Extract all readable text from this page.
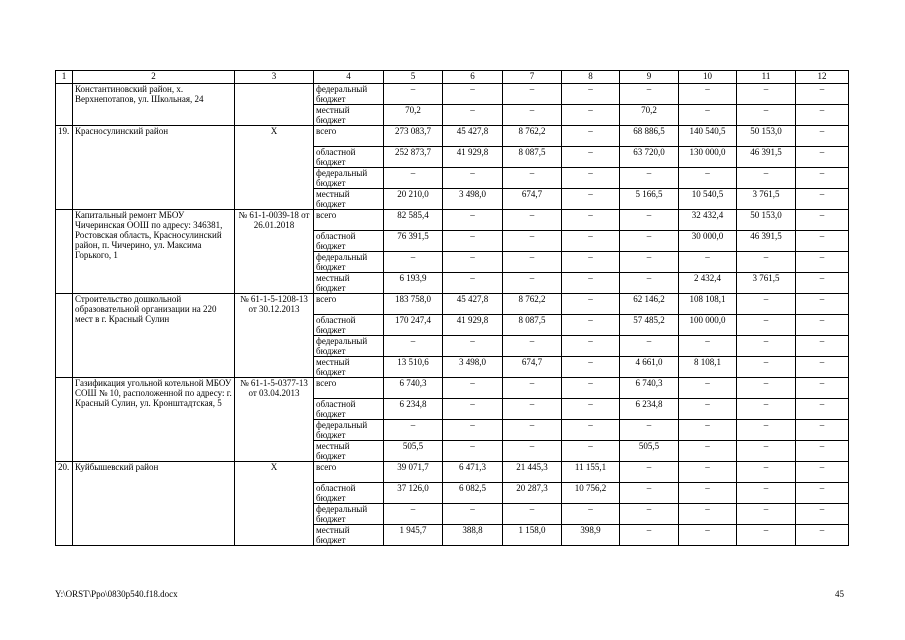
1	2	3	4	5	6	7	8	9	10	11	12
	Константиновский район, х. Верхнепотапов, ул. Школьная, 24		федеральный бюджет	–	–	–	–	–	–	–	–
			местный бюджет	70,2	–	–	–	70,2	–	–	–
19.	Красносулинский район	Х	всего	273 083,7	45 427,8	8 762,2	–	68 886,5	140 540,5	50 153,0	–
			областной бюджет	252 873,7	41 929,8	8 087,5	–	63 720,0	130 000,0	46 391,5	–
			федеральный бюджет	–	–	–	–	–	–	–	–
			местный бюджет	20 210,0	3 498,0	674,7	–	5 166,5	10 540,5	3 761,5	–
	Капитальный ремонт МБОУ Чичеринская ООШ по адресу: 346381, Ростовская область, Красносулинский район, п. Чичерино, ул. Максима Горького, 1	№ 61-1-0039-18 от 26.01.2018	всего	82 585,4	–	–	–	–	32 432,4	50 153,0	–
			областной бюджет	76 391,5	–	–	–	–	30 000,0	46 391,5	–
			федеральный бюджет	–	–	–	–	–	–	–	–
			местный бюджет	6 193,9	–	–	–	–	2 432,4	3 761,5	–
	Строительство дошкольной образовательной организации на 220 мест в г. Красный Сулин	№ 61-1-5-1208-13 от 30.12.2013	всего	183 758,0	45 427,8	8 762,2	–	62 146,2	108 108,1	–	–
			областной бюджет	170 247,4	41 929,8	8 087,5	–	57 485,2	100 000,0	–	–
			федеральный бюджет	–	–	–	–	–	–	–	–
			местный бюджет	13 510,6	3 498,0	674,7	–	4 661,0	8 108,1	–	–
	Газификация угольной котельной МБОУ СОШ № 10, расположенной по адресу: г. Красный Сулин, ул. Кронштадтская, 5	№ 61-1-5-0377-13 от 03.04.2013	всего	6 740,3	–	–	–	6 740,3	–	–	–
			областной бюджет	6 234,8	–	–	–	6 234,8	–	–	–
			федеральный бюджет	–	–	–	–	–	–	–	–
			местный бюджет	505,5	–	–	–	505,5	–	–	–
20.	Куйбышевский район	Х	всего	39 071,7	6 471,3	21 445,3	11 155,1	–	–	–	–
			областной бюджет	37 126,0	6 082,5	20 287,3	10 756,2	–	–	–	–
			федеральный бюджет	–	–	–	–	–	–	–	–
			местный бюджет	1 945,7	388,8	1 158,0	398,9	–	–	–	–
Y:\ORST\Ppo\0830p540.f18.docx	45
